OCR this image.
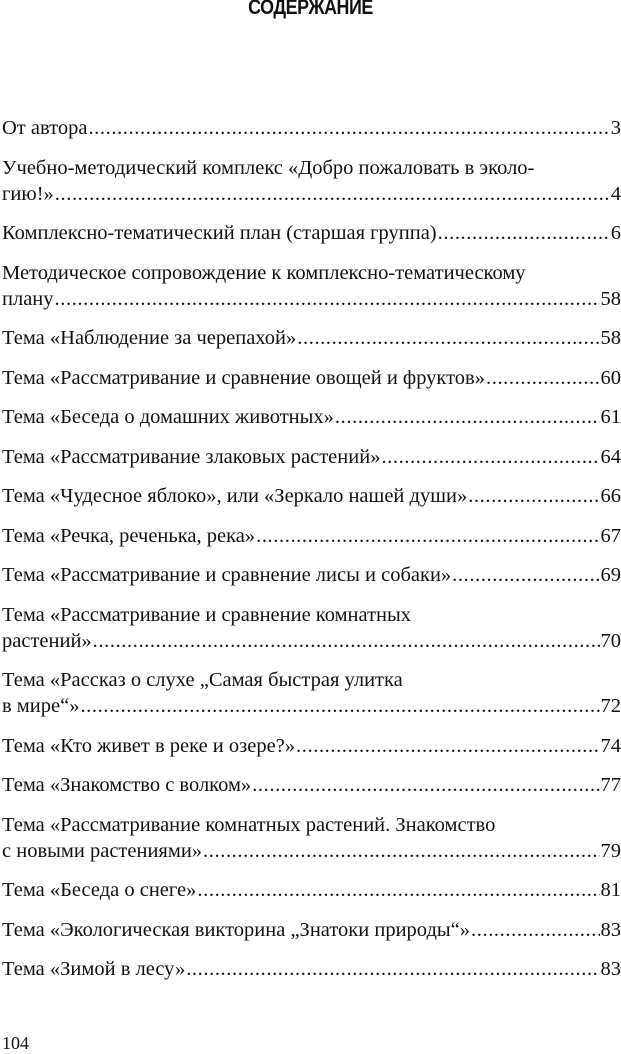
СОДЕРЖАНИЕ
От автора .....	3
Учебно-методический комплекс «Добро пожаловать в эколо-
гию!» .....	4
Комплексно-тематический план (старшая группа) .....	6
Методическое сопровождение к комплексно-тематическому
плану .....	58
Тема «Наблюдение за черепахой» .....	58
Тема «Рассматривание и сравнение овощей и фруктов» .....	60
Тема «Беседа о домашних животных» .....	61
Тема «Рассматривание злаковых растений» .....	64
Тема «Чудесное яблоко», или «Зеркало нашей души» .....	66
Тема «Речка, реченька, река» .....	67
Тема «Рассматривание и сравнение лисы и собаки» .....	69
Тема «Рассматривание и сравнение комнатных
растений» .....	70
Тема «Рассказ о слухе „Самая быстрая улитка
в мире“» .....	72
Тема «Кто живет в реке и озере?» .....	74
Тема «Знакомство с волком» .....	77
Тема «Рассматривание комнатных растений. Знакомство
с новыми растениями» .....	79
Тема «Беседа о снеге» .....	81
Тема «Экологическая викторина „Знатоки природы“» .....	83
Тема «Зимой в лесу» .....	83
104
